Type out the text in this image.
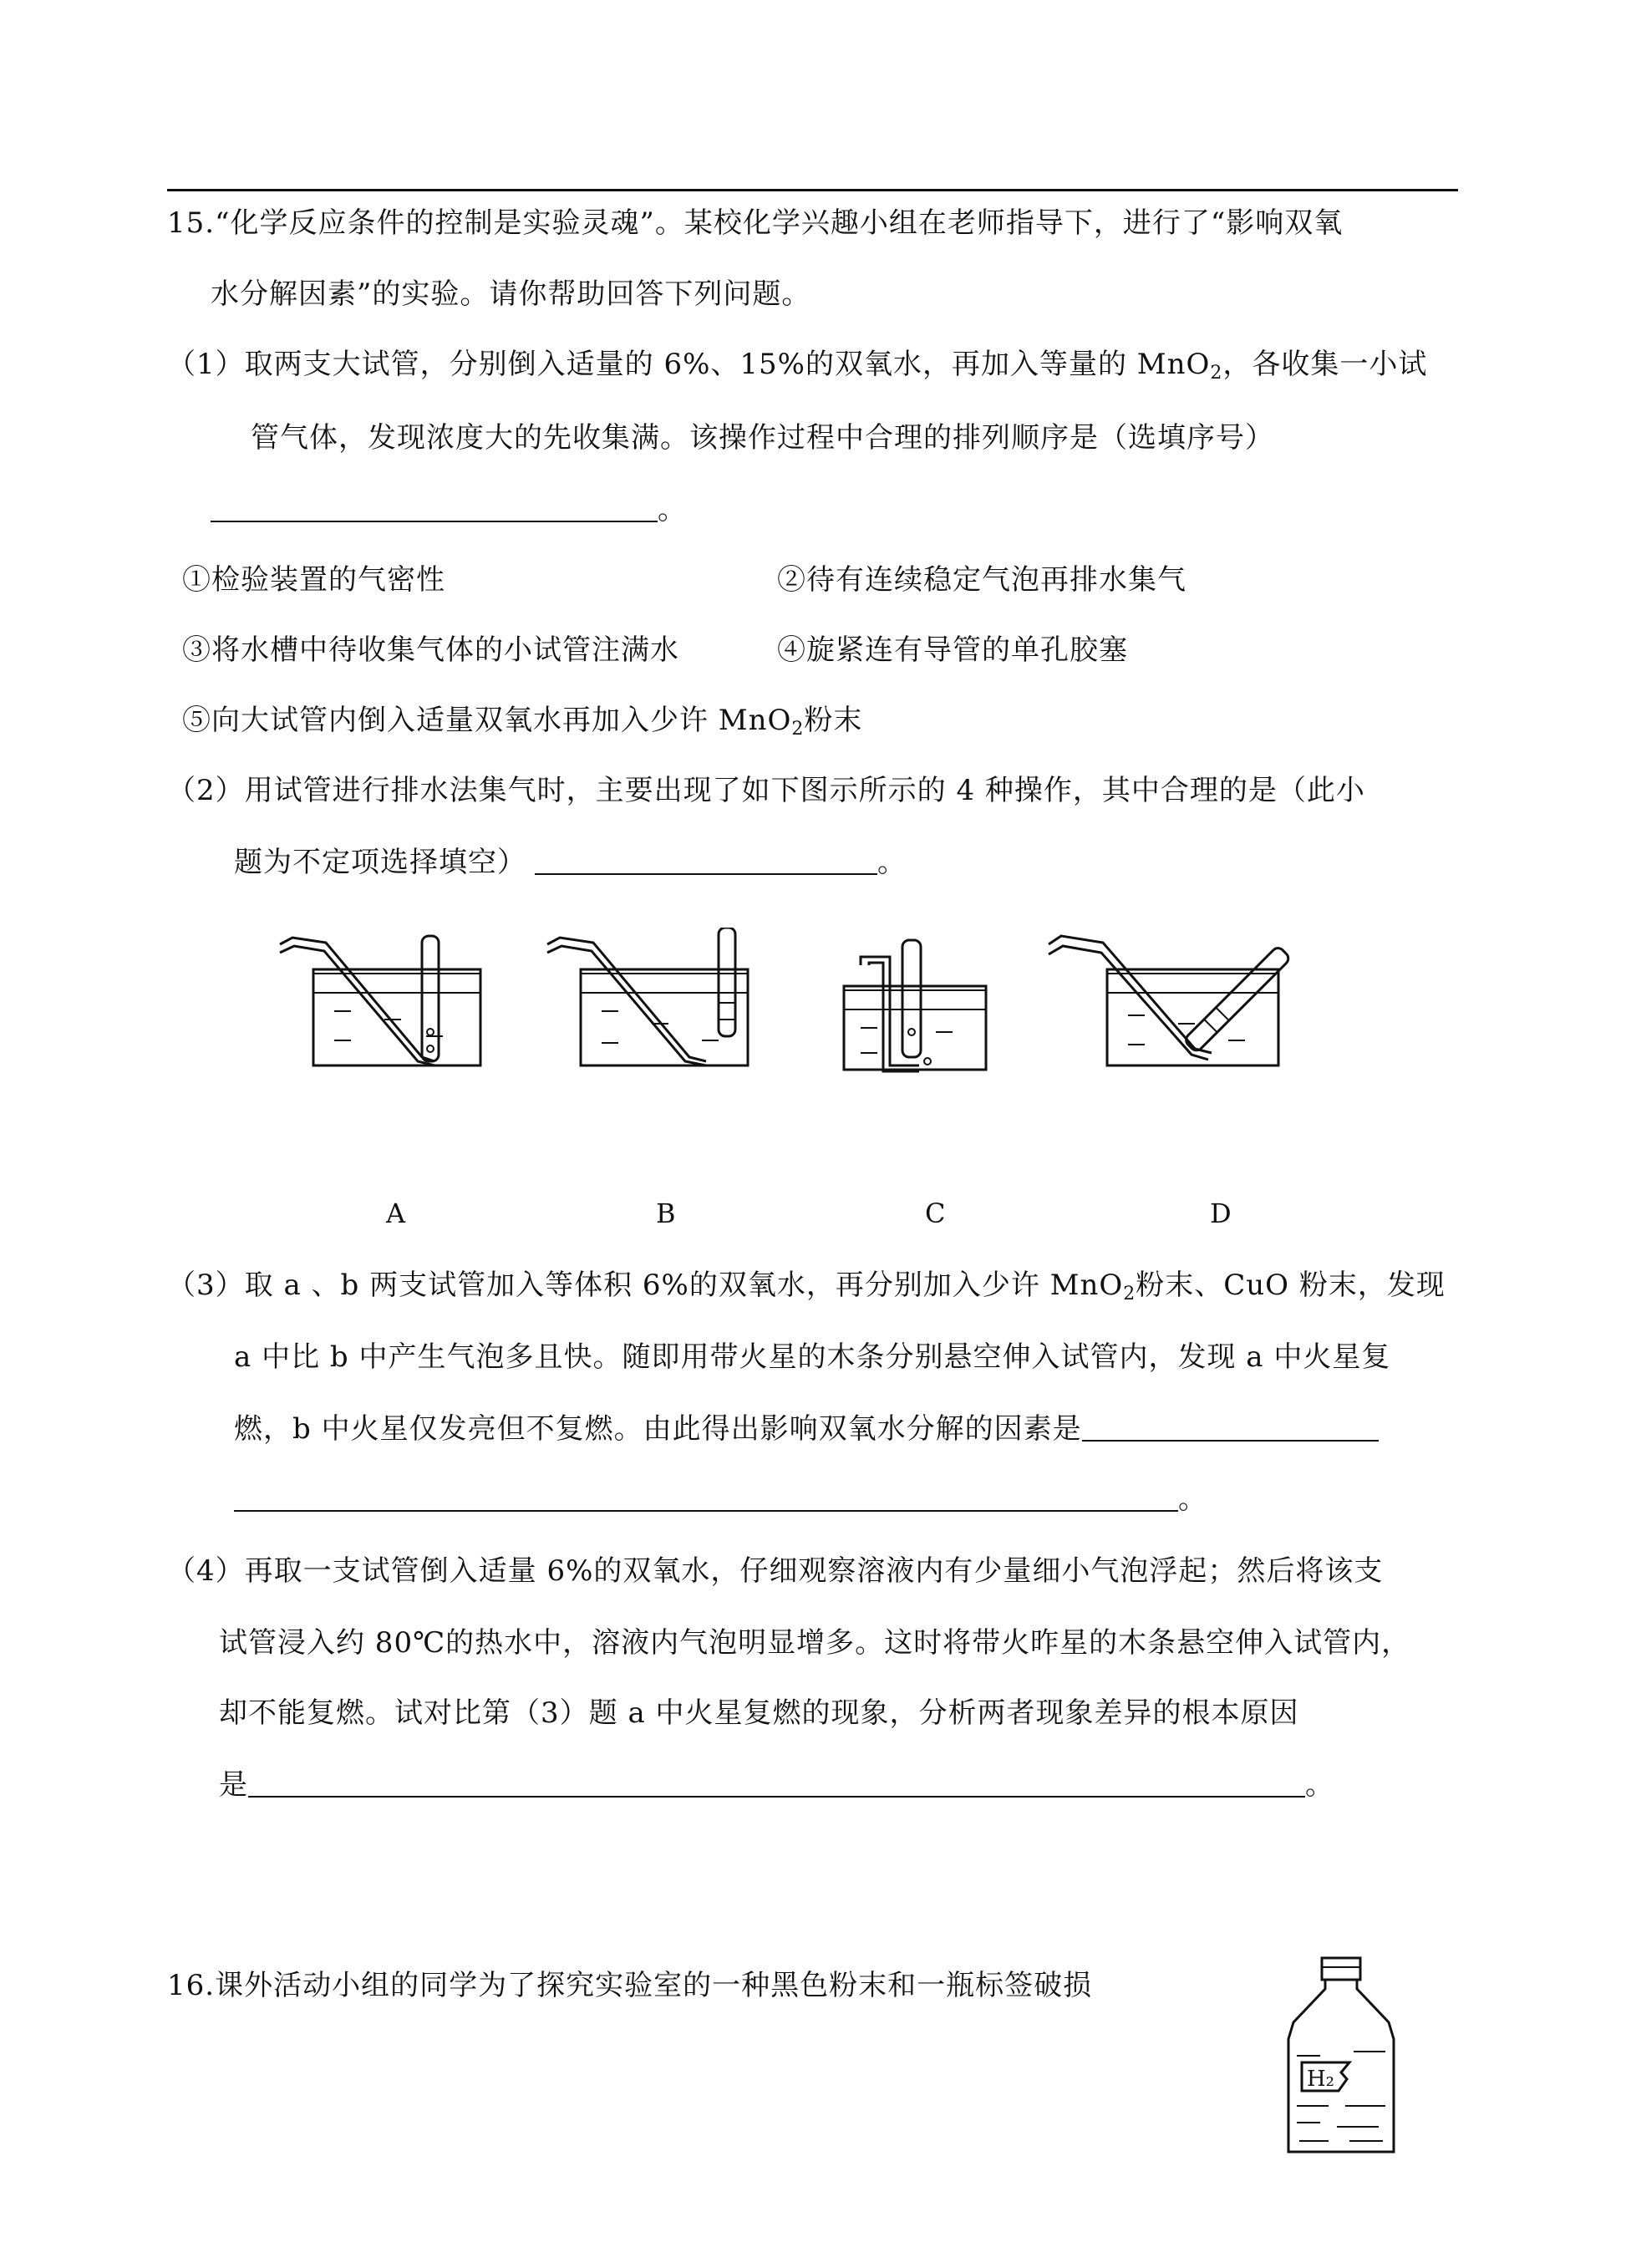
15.“化学反应条件的控制是实验灵魂”。某校化学兴趣小组在老师指导下，进行了“影响双氧
水分解因素”的实验。请你帮助回答下列问题。
（1）取两支大试管，分别倒入适量的 6%、15%的双氧水，再加入等量的 MnO$_2$，各收集一小试
管气体，发现浓度大的先收集满。该操作过程中合理的排列顺序是（选填序号）
。
①检验装置的气密性	②待有连续稳定气泡再排水集气
③将水槽中待收集气体的小试管注满水	④旋紧连有导管的单孔胶塞
⑤向大试管内倒入适量双氧水再加入少许 MnO$_2$粉末
（2）用试管进行排水法集气时，主要出现了如下图示所示的 4 种操作，其中合理的是（此小
题为不定项选择填空）	。
A	B	C	D
（3）取 a 、b 两支试管加入等体积 6%的双氧水，再分别加入少许 MnO$_2$粉末、CuO 粉末，发现
a 中比 b 中产生气泡多且快。随即用带火星的木条分别悬空伸入试管内，发现 a 中火星复
燃，b 中火星仅发亮但不复燃。由此得出影响双氧水分解的因素是
。
（4）再取一支试管倒入适量 6%的双氧水，仔细观察溶液内有少量细小气泡浮起；然后将该支
试管浸入约 80℃的热水中，溶液内气泡明显增多。这时将带火昨星的木条悬空伸入试管内，
却不能复燃。试对比第（3）题 a 中火星复燃的现象，分析两者现象差异的根本原因
是	。
16.课外活动小组的同学为了探究实验室的一种黑色粉末和一瓶标签破损
H₂
